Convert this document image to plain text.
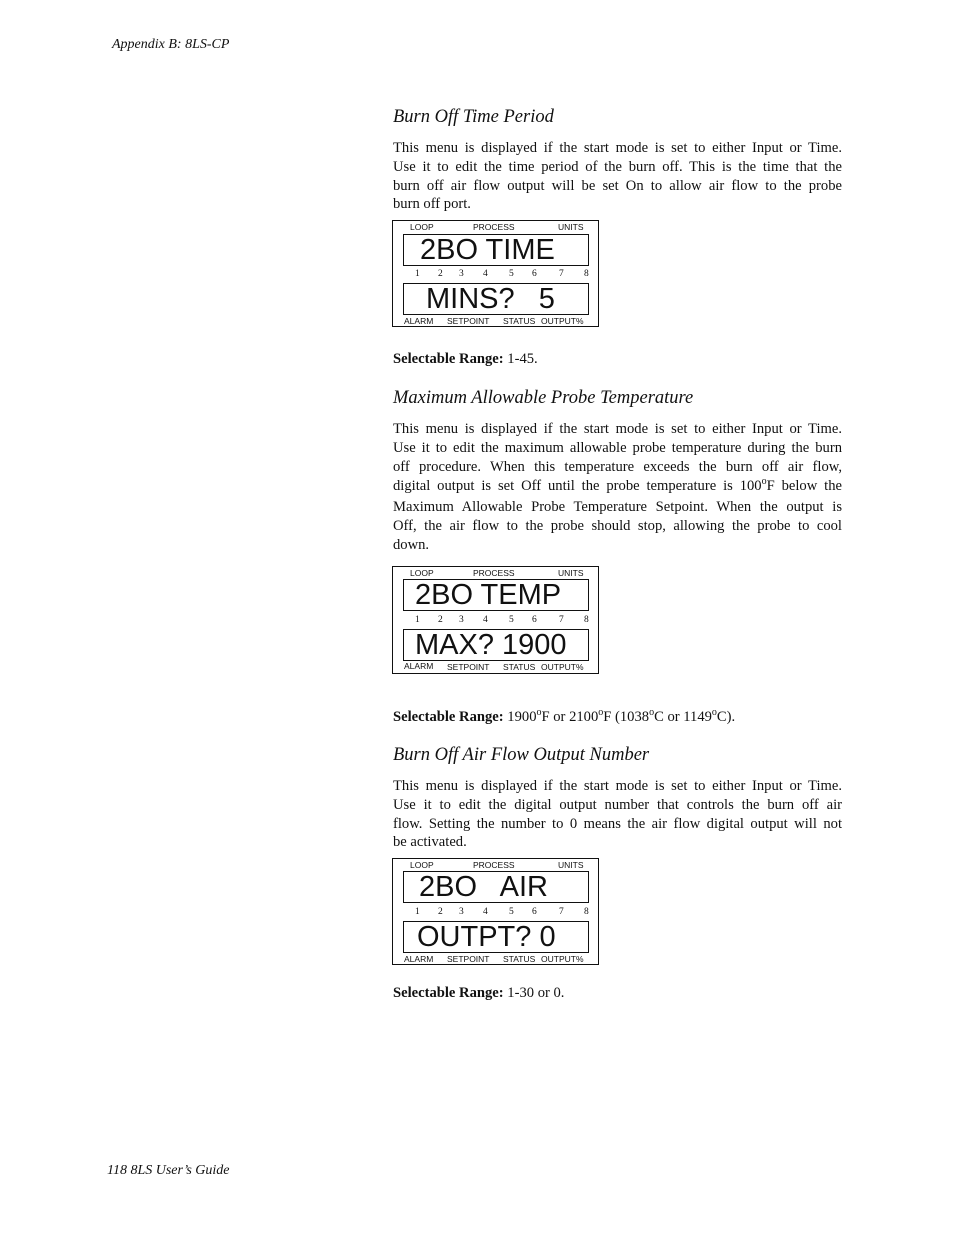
Appendix B: 8LS-CP
Burn Off Time Period
This menu is displayed if the start mode is set to either Input or Time.
Use it to edit the time period of the burn off. This is the time that the
burn off air flow output will be set On to allow air flow to the probe
burn off port.
LOOP	PROCESS	UNITS
2BO TIME
1 2 3 4 5 6 7 8
MINS?   5
ALARM SETPOINT STATUS OUTPUT%
Selectable Range: 1-45.
Maximum Allowable Probe Temperature
This menu is displayed if the start mode is set to either Input or Time.
Use it to edit the maximum allowable probe temperature during the burn
off procedure. When this temperature exceeds the burn off air flow,
digital output is set Off until the probe temperature is 100$^o$F below the
Maximum Allowable Probe Temperature Setpoint. When the output is
Off, the air flow to the probe should stop, allowing the probe to cool
down.
LOOP	PROCESS	UNITS
2BO TEMP
1 2 3 4 5 6 7 8
MAX? 1900
ALARM SETPOINT STATUS OUTPUT%
Selectable Range: 1900$^o$F or 2100$^o$F (1038$^o$C or 1149$^o$C).
Burn Off Air Flow Output Number
This menu is displayed if the start mode is set to either Input or Time.
Use it to edit the digital output number that controls the burn off air
flow. Setting the number to 0 means the air flow digital output will not
be activated.
LOOP	PROCESS	UNITS
2BO   AIR
1 2 3 4 5 6 7 8
OUTPT? 0
ALARM SETPOINT STATUS OUTPUT%
Selectable Range: 1-30 or 0.
118 8LS User’s Guide
